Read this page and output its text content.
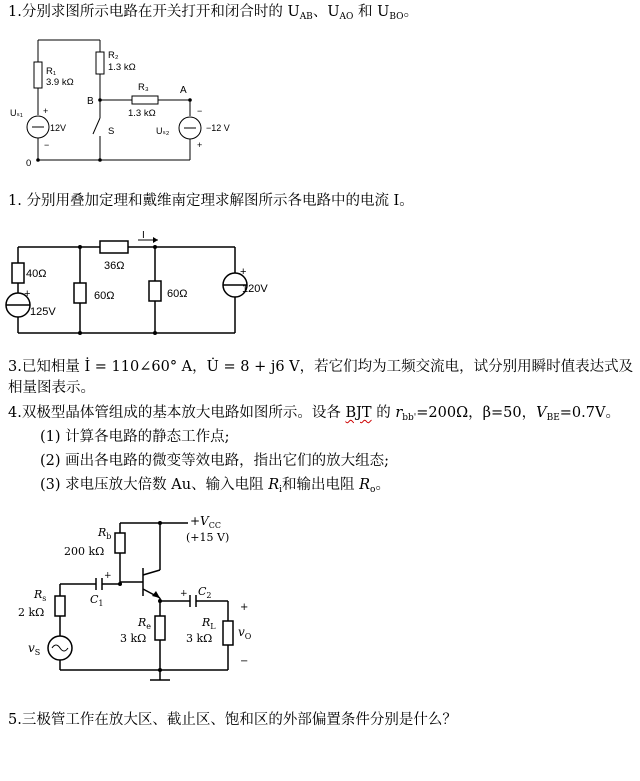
1.分别求图所示电路在开关打开和闭合时的 $U_{AB}$、$U_{AO}$ 和 $U_{BO}$。
R₁
3.9 kΩ
R₂
1.3 kΩ
R₃
1.3 kΩ
B
A
0
Uₛ₁
12V
+
−
S	Uₛ₂	−12 V
−
+
1. 分别用叠加定理和戴维南定理求解图所示各电路中的电流 I。
I
40Ω
36Ω
60Ω	60Ω
125V
+	120V
+
3.已知相量 İ = 110∠60° A，U̇ = 8 + j6 V，若它们均为工频交流电，试分别用瞬时值表达式及
相量图表示。
4.双极型晶体管组成的基本放大电路如图所示。设各 BJT 的 $r_{bb'}=200\Omega$，β=50，$V_{BE}=0.7V$。
(1) 计算各电路的静态工作点;
(2) 画出各电路的微变等效电路，指出它们的放大组态;
(3) 求电压放大倍数 Au、输入电阻 $R_i$和输出电阻 $R_o$。
$+V_{CC}$
(+15 V)
$R_b$
200 kΩ
$R_s$
2 kΩ
$C_1$
+
$C_2$
+
$R_e$
3 kΩ
$R_L$
3 kΩ
$v_S$
$v_O$
+
−
5.三极管工作在放大区、截止区、饱和区的外部偏置条件分别是什么？
